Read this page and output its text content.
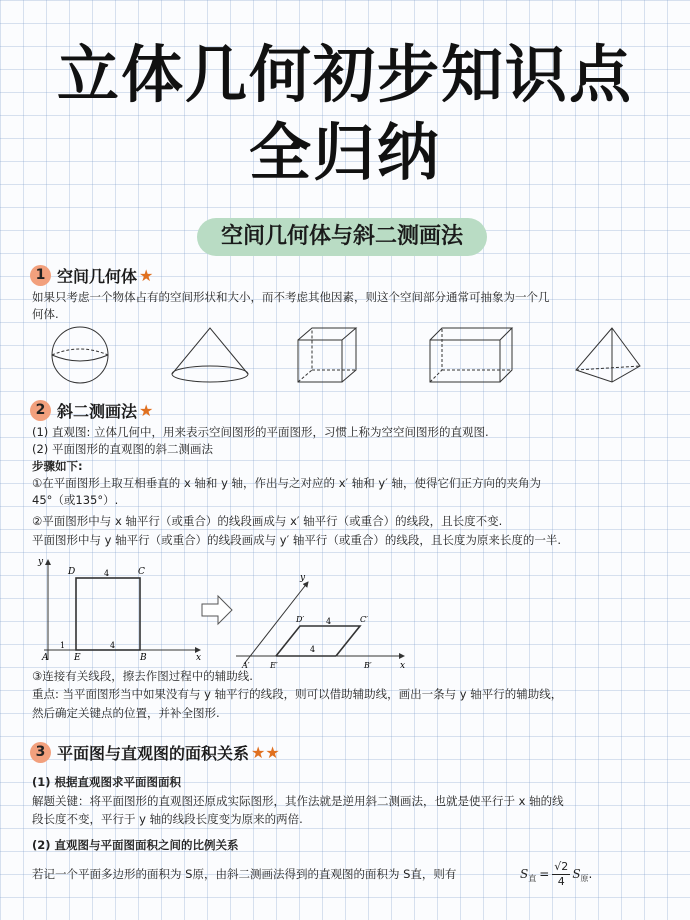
立体几何初步知识点
全归纳
空间几何体与斜二测画法
1 空间几何体 ★
如果只考虑一个物体占有的空间形状和大小，而不考虑其他因素，则这个空间部分通常可抽象为一个几
何体.
2 斜二测画法 ★
(1) 直观图: 立体几何中，用来表示空间图形的平面图形，习惯上称为空空间图形的直观图.
(2) 平面图形的直观图的斜二测画法
步骤如下:
①在平面图形上取互相垂直的 x 轴和 y 轴，作出与之对应的 x′ 轴和 y′ 轴，使得它们正方向的夹角为
45°（或135°）.
②平面图形中与 x 轴平行（或重合）的线段画成与 x′ 轴平行（或重合）的线段，且长度不变.
平面图形中与 y 轴平行（或重合）的线段画成与 y′ 轴平行（或重合）的线段，且长度为原来长度的一半.
y
x
D	C
A	E	B
4
4
1
y
x
D′	C′
A′	E′	B′
4
4
③连接有关线段，擦去作图过程中的辅助线.
重点: 当平面图形当中如果没有与 y 轴平行的线段，则可以借助辅助线，画出一条与 y 轴平行的辅助线，
然后确定关键点的位置，并补全图形.
3 平面图与直观图的面积关系 ★★
(1) 根据直观图求平面图面积
解题关键：将平面图形的直观图还原成实际图形，其作法就是逆用斜二测画法，也就是使平行于 x 轴的线
段长度不变，平行于 y 轴的线段长度变为原来的两倍.
(2) 直观图与平面图面积之间的比例关系
若记一个平面多边形的面积为 S原，由斜二测画法得到的直观图的面积为 S直，则有	S 直 = $\frac{√2}{4}$ S 原 .
